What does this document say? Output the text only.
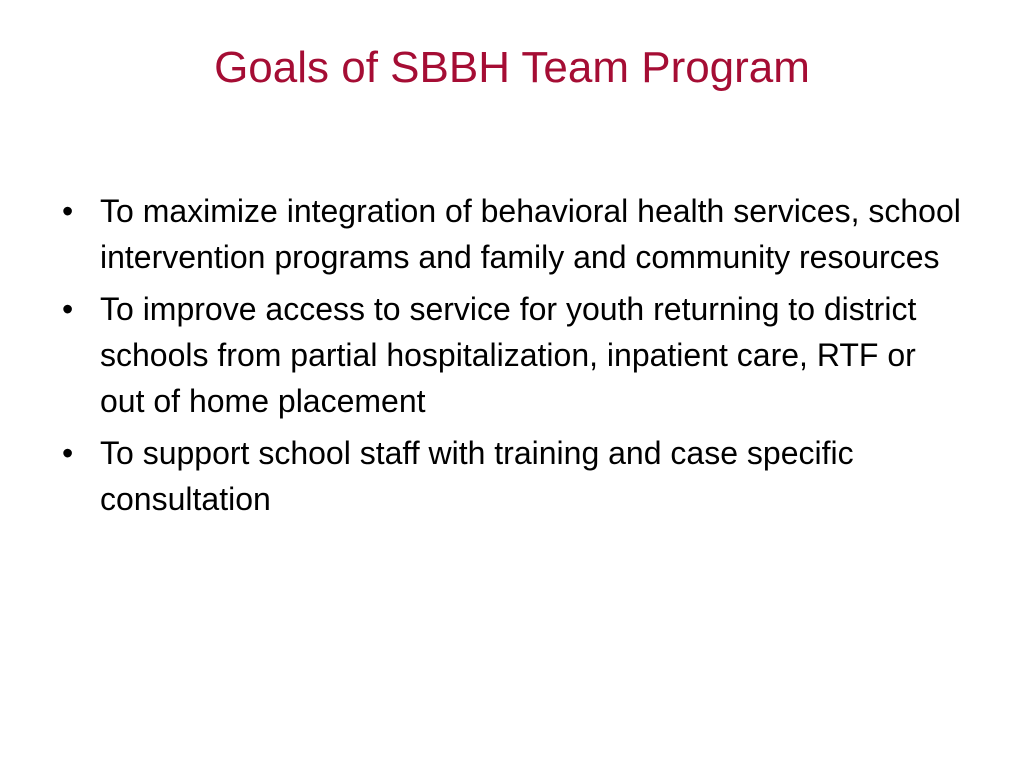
Goals of SBBH Team Program
• To maximize integration of behavioral health services, school intervention programs and family and community resources
• To improve access to service for youth returning to district schools from partial hospitalization, inpatient care, RTF or out of home placement
• To support school staff with training and case specific consultation
